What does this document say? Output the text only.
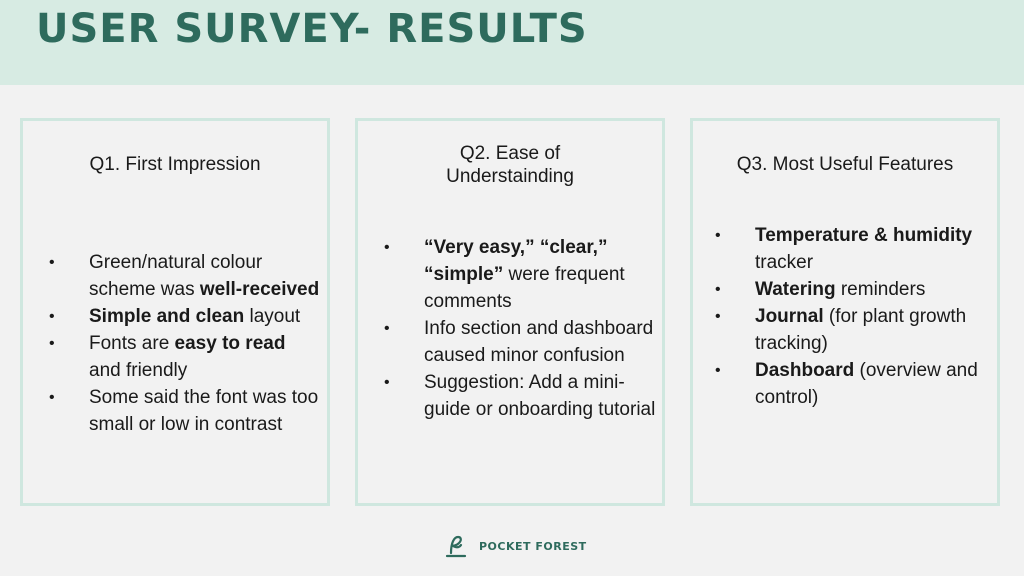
USER SURVEY- RESULTS
Q1. First Impression
• Green/natural colour scheme was well-received
• Simple and clean layout
• Fonts are easy to read and friendly
• Some said the font was too small or low in contrast
Q2. Ease of Understainding
• “Very easy,” “clear,” “simple” were frequent comments
• Info section and dashboard caused minor confusion
• Suggestion: Add a mini-guide or onboarding tutorial
Q3. Most Useful Features
• Temperature & humidity tracker
• Watering reminders
• Journal (for plant growth tracking)
• Dashboard (overview and control)
POCKET FOREST
